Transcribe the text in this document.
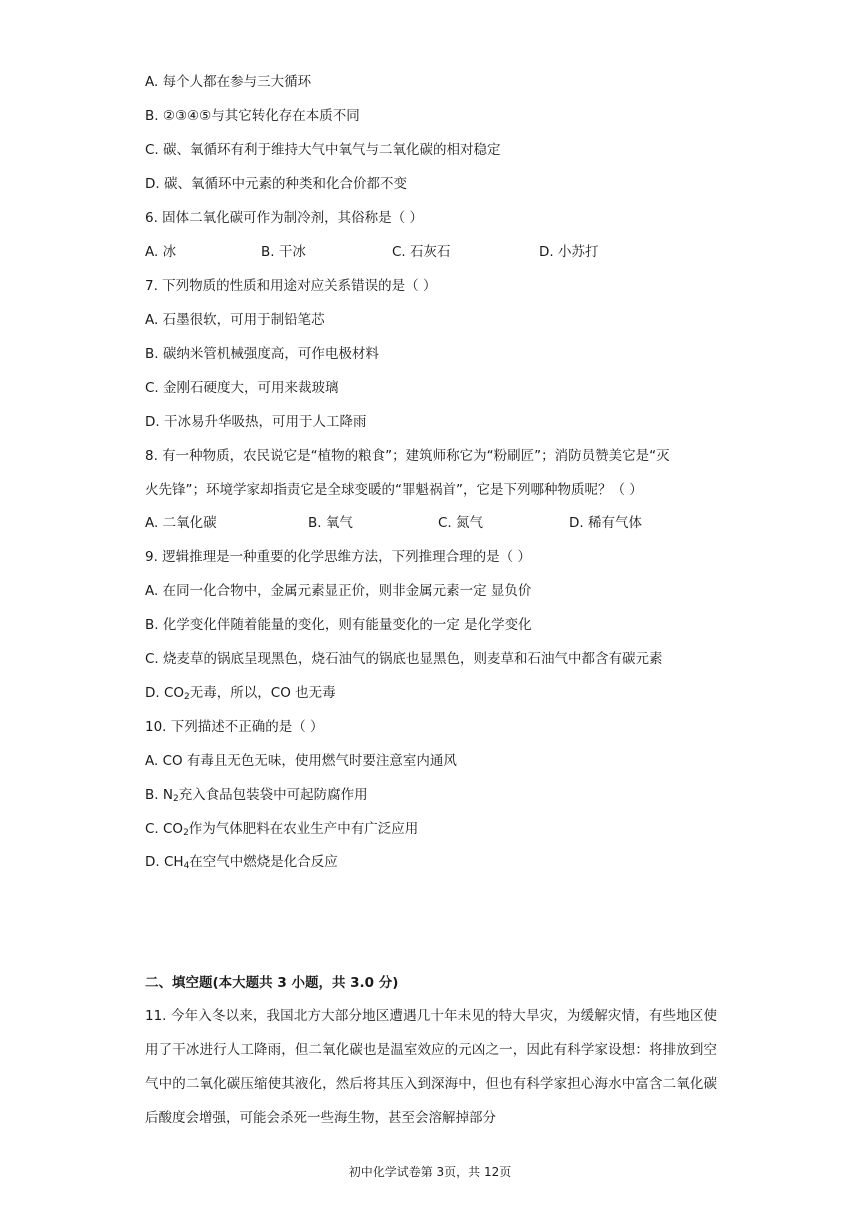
A. 每个人都在参与三大循环

B. ②③④⑤与其它转化存在本质不同

C. 碳、氧循环有利于维持大气中氧气与二氧化碳的相对稳定

D. 碳、氧循环中元素的种类和化合价都不变

6. 固体二氧化碳可作为制冷剂，其俗称是（ ）

A. 冰	B. 干冰	C. 石灰石	D. 小苏打

7. 下列物质的性质和用途对应关系错误的是（ ）

A. 石墨很软，可用于制铅笔芯

B. 碳纳米管机械强度高，可作电极材料

C. 金刚石硬度大，可用来裁玻璃

D. 干冰易升华吸热，可用于人工降雨

8. 有一种物质，农民说它是“植物的粮食”；建筑师称它为“粉刷匠”；消防员赞美它是“灭

火先锋”；环境学家却指责它是全球变暖的“罪魁祸首”，它是下列哪种物质呢？（ ）

A. 二氧化碳	B. 氧气	C. 氮气	D. 稀有气体

9. 逻辑推理是一种重要的化学思维方法，下列推理合理的是（ ）

A. 在同一化合物中，金属元素显正价，则非金属元素一定 显负价

B. 化学变化伴随着能量的变化，则有能量变化的一定 是化学变化

C. 烧麦草的锅底呈现黑色，烧石油气的锅底也显黑色，则麦草和石油气中都含有碳元素

D. $CO_2$无毒，所以，CO 也无毒

10. 下列描述不正确的是（ ）

A. CO 有毒且无色无味，使用燃气时要注意室内通风

B. $N_2$充入食品包装袋中可起防腐作用

C. $CO_2$作为气体肥料在农业生产中有广泛应用

D. $CH_4$在空气中燃烧是化合反应

二、填空题(本大题共 3 小题，共 3.0 分)

11. 今年入冬以来，我国北方大部分地区遭遇几十年未见的特大旱灾，为缓解灾情，有些地区使用了干冰进行人工降雨，但二氧化碳也是温室效应的元凶之一，因此有科学家设想：将排放到空气中的二氧化碳压缩使其液化，然后将其压入到深海中，但也有科学家担心海水中富含二氧化碳后酸度会增强，可能会杀死一些海生物，甚至会溶解掉部分

初中化学试卷第 3页，共 12页
